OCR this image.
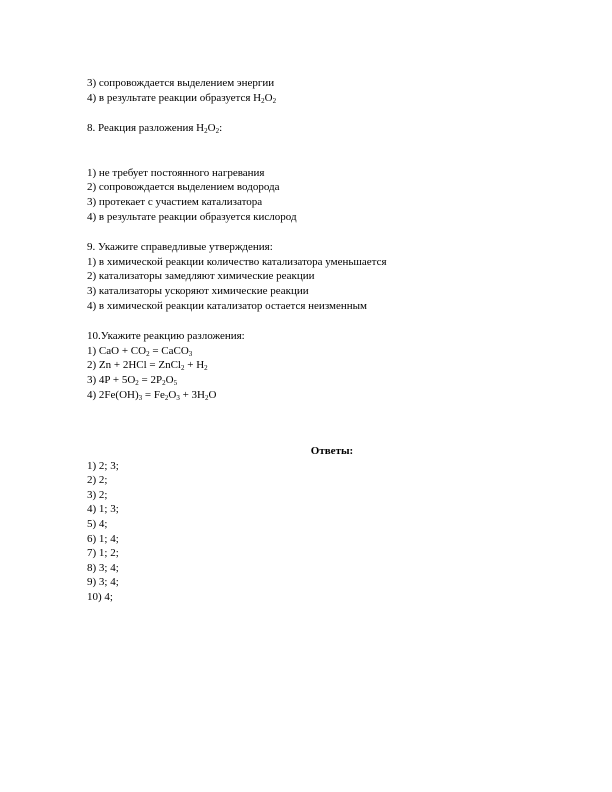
3) сопровождается выделением энергии
4) в результате реакции образуется $H_2O_2$
8. Реакция разложения $H_2O_2$:
1) не требует постоянного нагревания
2) сопровождается выделением водорода
3) протекает с участием катализатора
4) в результате реакции образуется кислород
9. Укажите справедливые утверждения:
1) в химической реакции количество катализатора уменьшается
2) катализаторы замедляют химические реакции
3) катализаторы ускоряют химические реакции
4) в химической реакции катализатор остается неизменным
10.Укажите реакцию разложения:
1) CaO + $CO_2$ = CaCO$_3$
2) Zn + 2HCl = ZnCl$_2$ + $H_2$
3) $4P + 5O_2 = 2P_2O_5$
4) $2Fe(OH)_3 = Fe_2O_3 + 3H_2O$
Ответы:
1) 2; 3;
2) 2;
3) 2;
4) 1; 3;
5) 4;
6) 1; 4;
7) 1; 2;
8) 3; 4;
9) 3; 4;
10) 4;
